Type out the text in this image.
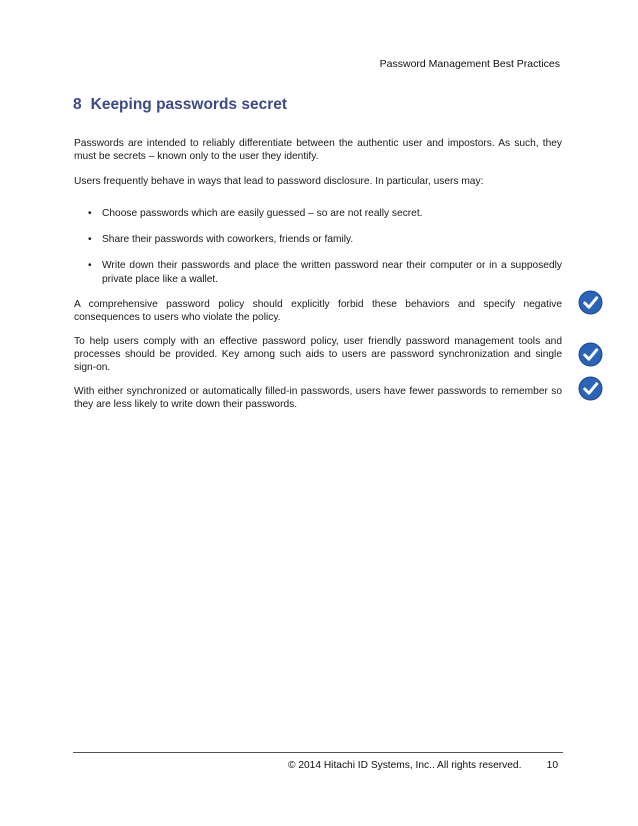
Password Management Best Practices
8 Keeping passwords secret

Passwords are intended to reliably differentiate between the authentic user and impostors. As such, they must be secrets – known only to the user they identify.

Users frequently behave in ways that lead to password disclosure. In particular, users may:

• Choose passwords which are easily guessed – so are not really secret.
• Share their passwords with coworkers, friends or family.
• Write down their passwords and place the written password near their computer or in a supposedly private place like a wallet.

A comprehensive password policy should explicitly forbid these behaviors and specify negative consequences to users who violate the policy.

To help users comply with an effective password policy, user friendly password management tools and processes should be provided. Key among such aids to users are password synchronization and single sign-on.

With either synchronized or automatically filled-in passwords, users have fewer passwords to remember so they are less likely to write down their passwords.

© 2014 Hitachi ID Systems, Inc.. All rights reserved. 10
